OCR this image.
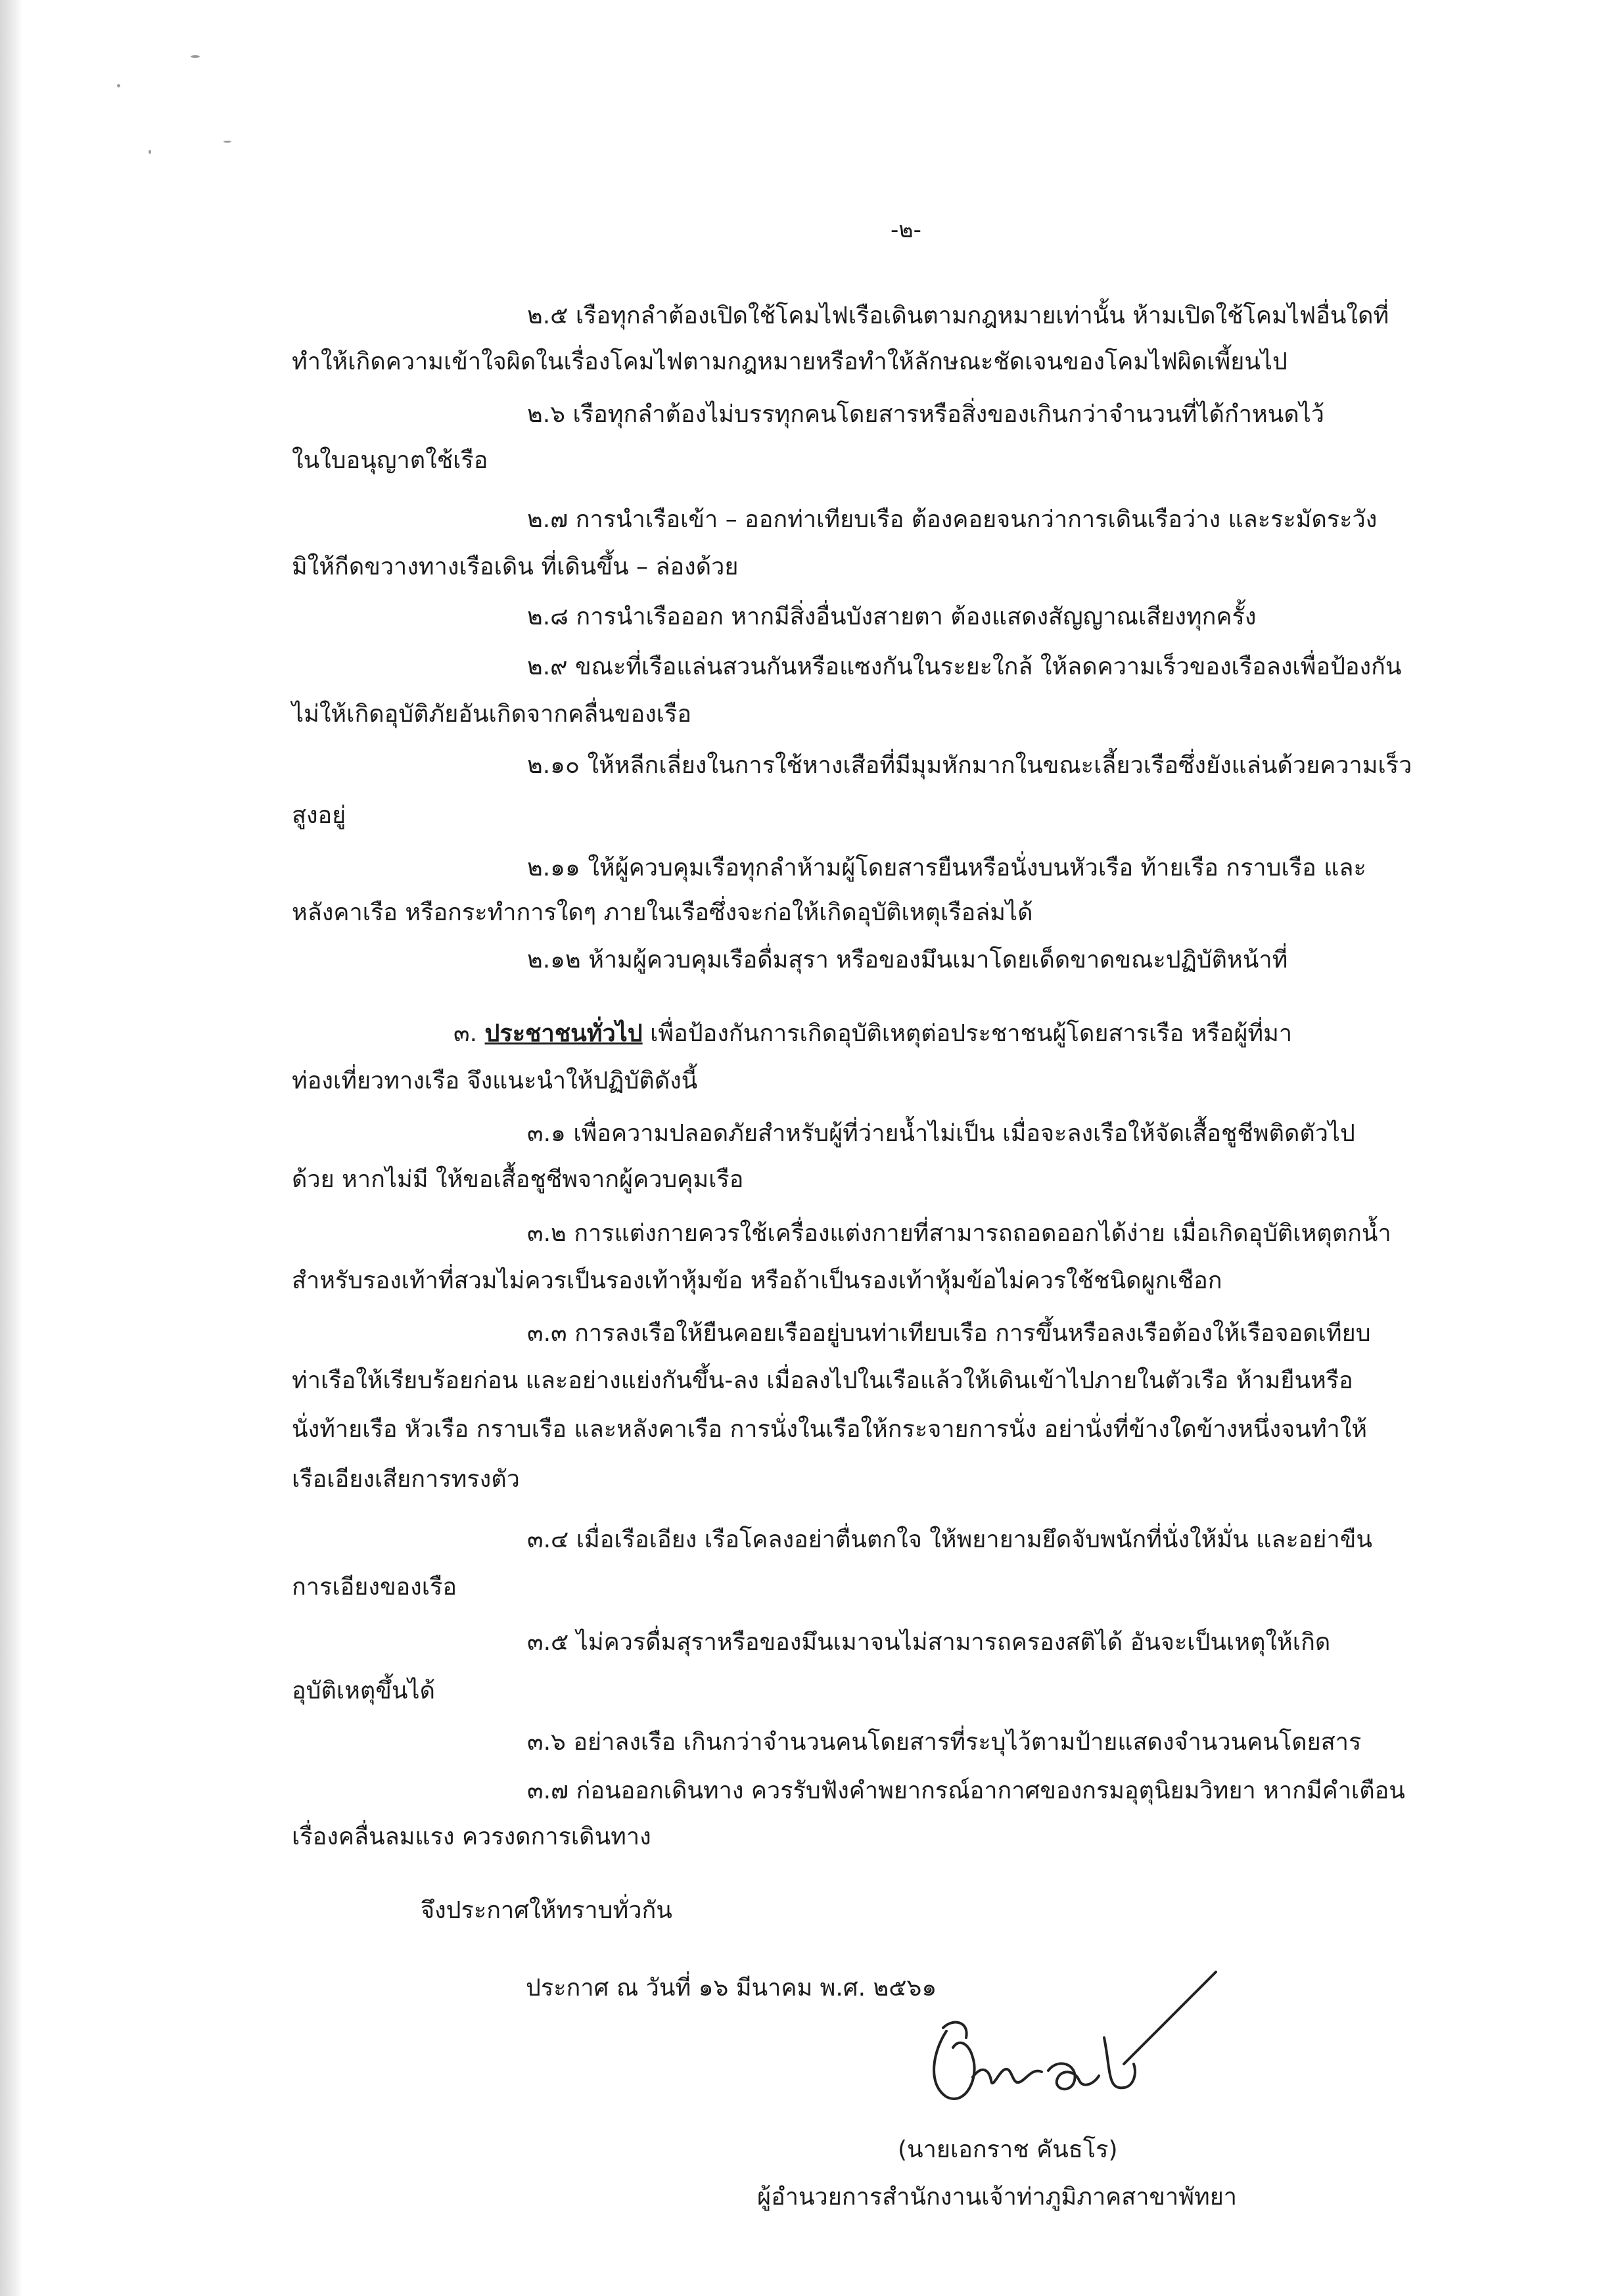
-๒-
๒.๕ เรือทุกลำต้องเปิดใช้โคมไฟเรือเดินตามกฎหมายเท่านั้น ห้ามเปิดใช้โคมไฟอื่นใดที่
ทำให้เกิดความเข้าใจผิดในเรื่องโคมไฟตามกฎหมายหรือทำให้ลักษณะชัดเจนของโคมไฟผิดเพี้ยนไป
๒.๖ เรือทุกลำต้องไม่บรรทุกคนโดยสารหรือสิ่งของเกินกว่าจำนวนที่ได้กำหนดไว้
ในใบอนุญาตใช้เรือ
๒.๗ การนำเรือเข้า – ออกท่าเทียบเรือ ต้องคอยจนกว่าการเดินเรือว่าง และระมัดระวัง
มิให้กีดขวางทางเรือเดิน ที่เดินขึ้น – ล่องด้วย
๒.๘ การนำเรือออก หากมีสิ่งอื่นบังสายตา ต้องแสดงสัญญาณเสียงทุกครั้ง
๒.๙ ขณะที่เรือแล่นสวนกันหรือแซงกันในระยะใกล้ ให้ลดความเร็วของเรือลงเพื่อป้องกัน
ไม่ให้เกิดอุบัติภัยอันเกิดจากคลื่นของเรือ
๒.๑๐ ให้หลีกเลี่ยงในการใช้หางเสือที่มีมุมหักมากในขณะเลี้ยวเรือซึ่งยังแล่นด้วยความเร็ว
สูงอยู่
๒.๑๑ ให้ผู้ควบคุมเรือทุกลำห้ามผู้โดยสารยืนหรือนั่งบนหัวเรือ ท้ายเรือ กราบเรือ และ
หลังคาเรือ หรือกระทำการใดๆ ภายในเรือซึ่งจะก่อให้เกิดอุบัติเหตุเรือล่มได้
๒.๑๒ ห้ามผู้ควบคุมเรือดื่มสุรา หรือของมึนเมาโดยเด็ดขาดขณะปฏิบัติหน้าที่
๓. ประชาชนทั่วไป เพื่อป้องกันการเกิดอุบัติเหตุต่อประชาชนผู้โดยสารเรือ หรือผู้ที่มา
ท่องเที่ยวทางเรือ จึงแนะนำให้ปฏิบัติดังนี้
๓.๑ เพื่อความปลอดภัยสำหรับผู้ที่ว่ายน้ำไม่เป็น เมื่อจะลงเรือให้จัดเสื้อชูชีพติดตัวไป
ด้วย หากไม่มี ให้ขอเสื้อชูชีพจากผู้ควบคุมเรือ
๓.๒ การแต่งกายควรใช้เครื่องแต่งกายที่สามารถถอดออกได้ง่าย เมื่อเกิดอุบัติเหตุตกน้ำ
สำหรับรองเท้าที่สวมไม่ควรเป็นรองเท้าหุ้มข้อ หรือถ้าเป็นรองเท้าหุ้มข้อไม่ควรใช้ชนิดผูกเชือก
๓.๓ การลงเรือให้ยืนคอยเรืออยู่บนท่าเทียบเรือ การขึ้นหรือลงเรือต้องให้เรือจอดเทียบ
ท่าเรือให้เรียบร้อยก่อน และอย่างแย่งกันขึ้น-ลง เมื่อลงไปในเรือแล้วให้เดินเข้าไปภายในตัวเรือ ห้ามยืนหรือ
นั่งท้ายเรือ หัวเรือ กราบเรือ และหลังคาเรือ การนั่งในเรือให้กระจายการนั่ง อย่านั่งที่ข้างใดข้างหนึ่งจนทำให้
เรือเอียงเสียการทรงตัว
๓.๔ เมื่อเรือเอียง เรือโคลงอย่าตื่นตกใจ ให้พยายามยึดจับพนักที่นั่งให้มั่น และอย่าขืน
การเอียงของเรือ
๓.๕ ไม่ควรดื่มสุราหรือของมึนเมาจนไม่สามารถครองสติได้ อันจะเป็นเหตุให้เกิด
อุบัติเหตุขึ้นได้
๓.๖ อย่าลงเรือ เกินกว่าจำนวนคนโดยสารที่ระบุไว้ตามป้ายแสดงจำนวนคนโดยสาร
๓.๗ ก่อนออกเดินทาง ควรรับฟังคำพยากรณ์อากาศของกรมอุตุนิยมวิทยา หากมีคำเตือน
เรื่องคลื่นลมแรง ควรงดการเดินทาง
จึงประกาศให้ทราบทั่วกัน
ประกาศ ณ วันที่ ๑๖ มีนาคม พ.ศ. ๒๕๖๑
(นายเอกราช คันธโร)
ผู้อำนวยการสำนักงานเจ้าท่าภูมิภาคสาขาพัทยา
